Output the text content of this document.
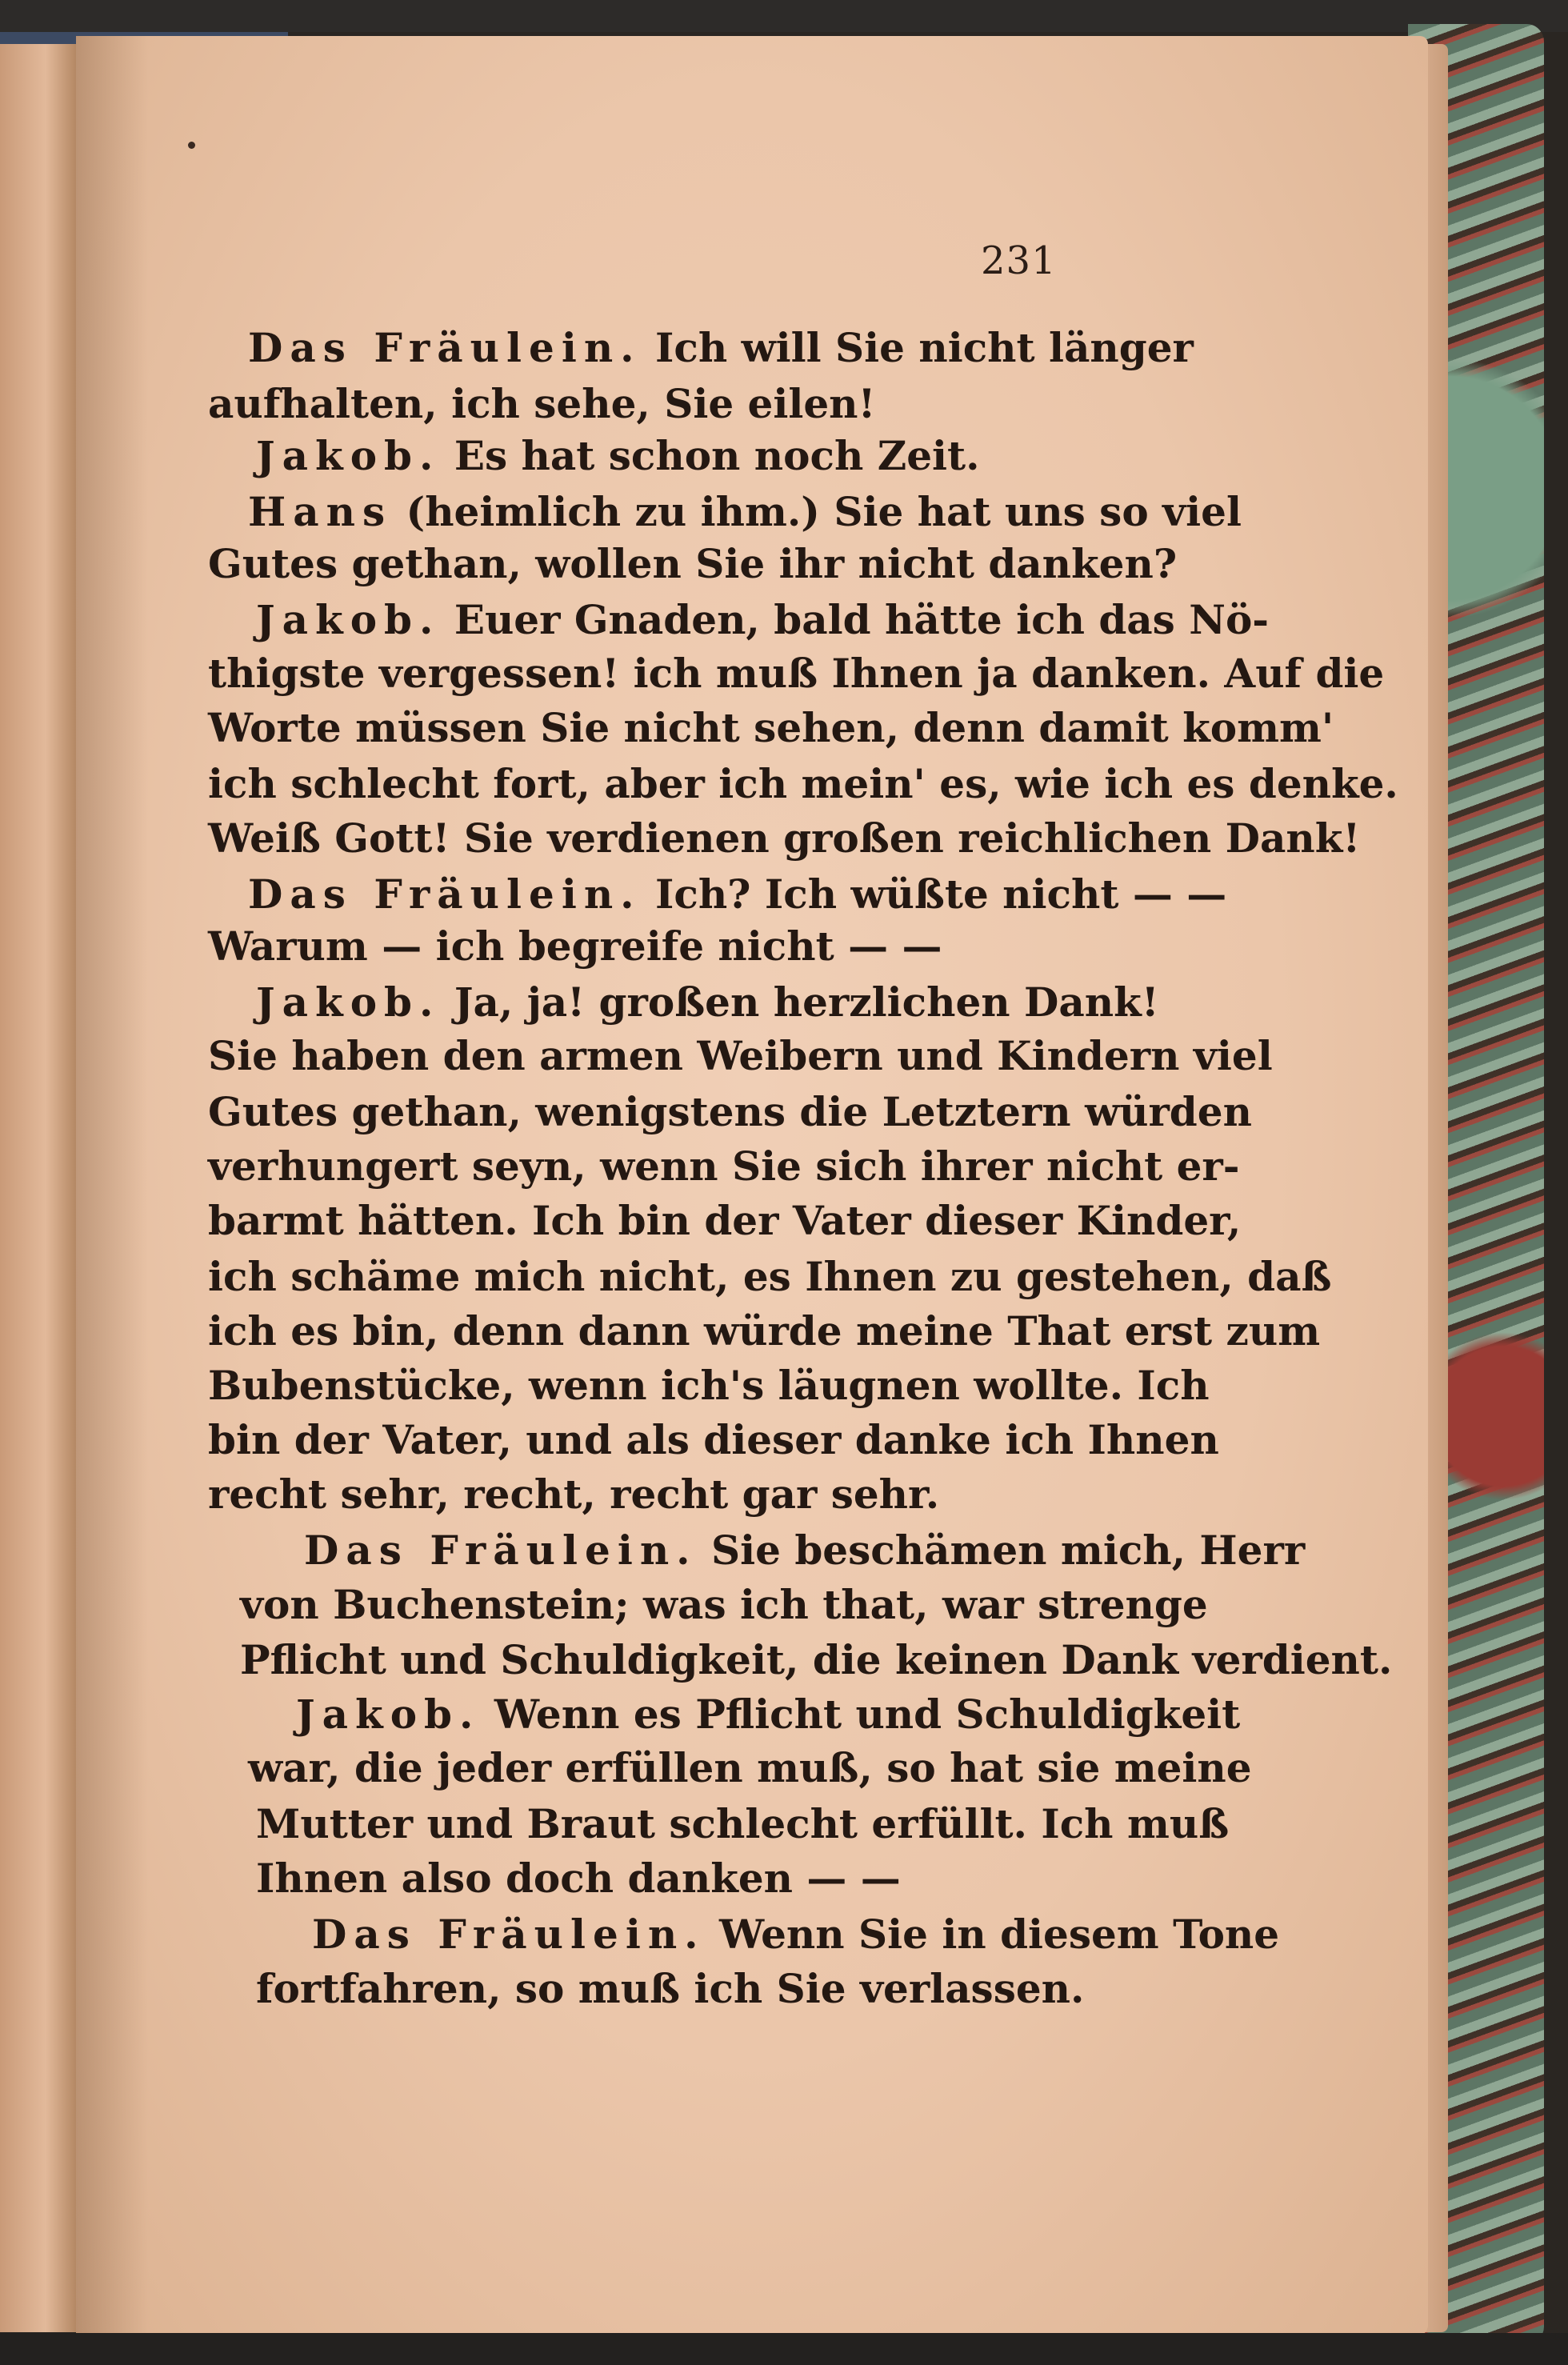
231
Das Fräulein. Ich will Sie nicht länger
aufhalten, ich sehe, Sie eilen!
Jakob. Es hat schon noch Zeit.
Hans (heimlich zu ihm.) Sie hat uns so viel
Gutes gethan, wollen Sie ihr nicht danken?
Jakob. Euer Gnaden, bald hätte ich das Nö-
thigste vergessen! ich muß Ihnen ja danken. Auf die
Worte müssen Sie nicht sehen, denn damit komm'
ich schlecht fort, aber ich mein' es, wie ich es denke.
Weiß Gott! Sie verdienen großen reichlichen Dank!
Das Fräulein. Ich? Ich wüßte nicht — —
Warum — ich begreife nicht — —
Jakob. Ja, ja! großen herzlichen Dank!
Sie haben den armen Weibern und Kindern viel
Gutes gethan, wenigstens die Letztern würden
verhungert seyn, wenn Sie sich ihrer nicht er-
barmt hätten. Ich bin der Vater dieser Kinder,
ich schäme mich nicht, es Ihnen zu gestehen, daß
ich es bin, denn dann würde meine That erst zum
Bubenstücke, wenn ich's läugnen wollte. Ich
bin der Vater, und als dieser danke ich Ihnen
recht sehr, recht, recht gar sehr.
Das Fräulein. Sie beschämen mich, Herr
von Buchenstein; was ich that, war strenge
Pflicht und Schuldigkeit, die keinen Dank verdient.
Jakob. Wenn es Pflicht und Schuldigkeit
war, die jeder erfüllen muß, so hat sie meine
Mutter und Braut schlecht erfüllt. Ich muß
Ihnen also doch danken — —
Das Fräulein. Wenn Sie in diesem Tone
fortfahren, so muß ich Sie verlassen.
